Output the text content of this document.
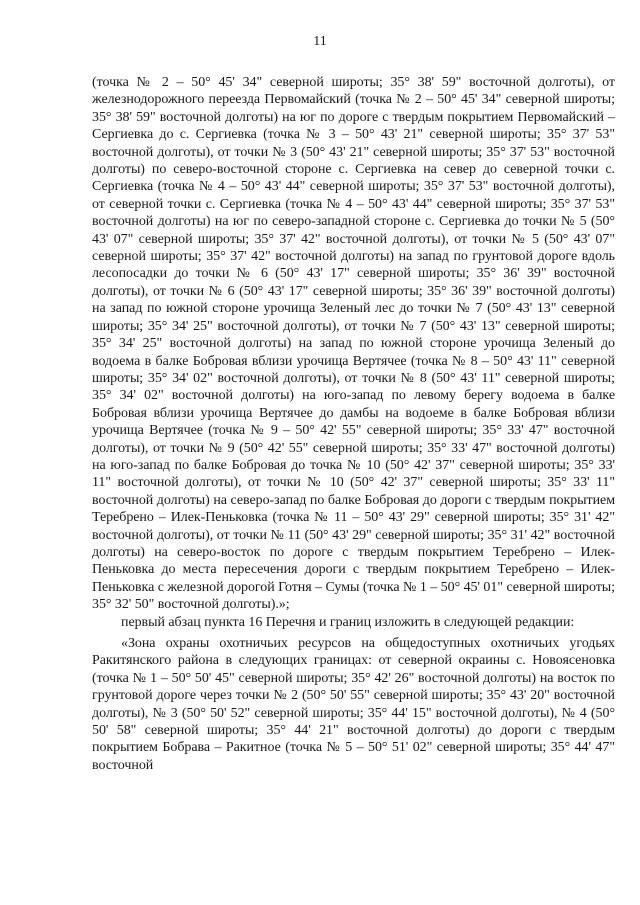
11

(точка № 2 – 50° 45' 34" северной широты; 35° 38' 59" восточной долготы), от железнодорожного переезда Первомайский (точка № 2 – 50° 45' 34" северной широты; 35° 38' 59" восточной долготы) на юг по дороге с твердым покрытием Первомайский – Сергиевка до с. Сергиевка (точка № 3 – 50° 43' 21" северной широты; 35° 37' 53" восточной долготы), от точки № 3 (50° 43' 21" северной широты; 35° 37' 53" восточной долготы) по северо-восточной стороне с. Сергиевка на север до северной точки с. Сергиевка (точка № 4 – 50° 43' 44" северной широты; 35° 37' 53" восточной долготы), от северной точки с. Сергиевка (точка № 4 – 50° 43' 44" северной широты; 35° 37' 53" восточной долготы) на юг по северо-западной стороне с. Сергиевка до точки № 5 (50° 43' 07" северной широты; 35° 37' 42" восточной долготы), от точки № 5 (50° 43' 07" северной широты; 35° 37' 42" восточной долготы) на запад по грунтовой дороге вдоль лесопосадки до точки № 6 (50° 43' 17" северной широты; 35° 36' 39" восточной долготы), от точки № 6 (50° 43' 17" северной широты; 35° 36' 39" восточной долготы) на запад по южной стороне урочища Зеленый лес до точки № 7 (50° 43' 13" северной широты; 35° 34' 25" восточной долготы), от точки № 7 (50° 43' 13" северной широты; 35° 34' 25" восточной долготы) на запад по южной стороне урочища Зеленый до водоема в балке Бобровая вблизи урочища Вертячее (точка № 8 – 50° 43' 11" северной широты; 35° 34' 02" восточной долготы), от точки № 8 (50° 43' 11" северной широты; 35° 34' 02" восточной долготы) на юго-запад по левому берегу водоема в балке Бобровая вблизи урочища Вертячее до дамбы на водоеме в балке Бобровая вблизи урочища Вертячее (точка № 9 – 50° 42' 55" северной широты; 35° 33' 47" восточной долготы), от точки № 9 (50° 42' 55" северной широты; 35° 33' 47" восточной долготы) на юго-запад по балке Бобровая до точка № 10 (50° 42' 37" северной широты; 35° 33' 11" восточной долготы), от точки № 10 (50° 42' 37" северной широты; 35° 33' 11" восточной долготы) на северо-запад по балке Бобровая до дороги с твердым покрытием Теребрено – Илек-Пеньковка (точка № 11 – 50° 43' 29" северной широты; 35° 31' 42" восточной долготы), от точки № 11 (50° 43' 29" северной широты; 35° 31' 42" восточной долготы) на северо-восток по дороге с твердым покрытием Теребрено – Илек-Пеньковка до места пересечения дороги с твердым покрытием Теребрено – Илек-Пеньковка с железной дорогой Готня – Сумы (точка № 1 – 50° 45' 01" северной широты; 35° 32' 50" восточной долготы).»;

первый абзац пункта 16 Перечня и границ изложить в следующей редакции:

«Зона охраны охотничьих ресурсов на общедоступных охотничьих угодьях Ракитянского района в следующих границах: от северной окраины с. Новоясеновка (точка № 1 – 50° 50' 45" северной широты; 35° 42' 26" восточной долготы) на восток по грунтовой дороге через точки № 2 (50° 50' 55" северной широты; 35° 43' 20" восточной долготы), № 3 (50° 50' 52" северной широты; 35° 44' 15" восточной долготы), № 4 (50° 50' 58" северной широты; 35° 44' 21" восточной долготы) до дороги с твердым покрытием Бобрава – Ракитное (точка № 5 – 50° 51' 02" северной широты; 35° 44' 47" восточной
